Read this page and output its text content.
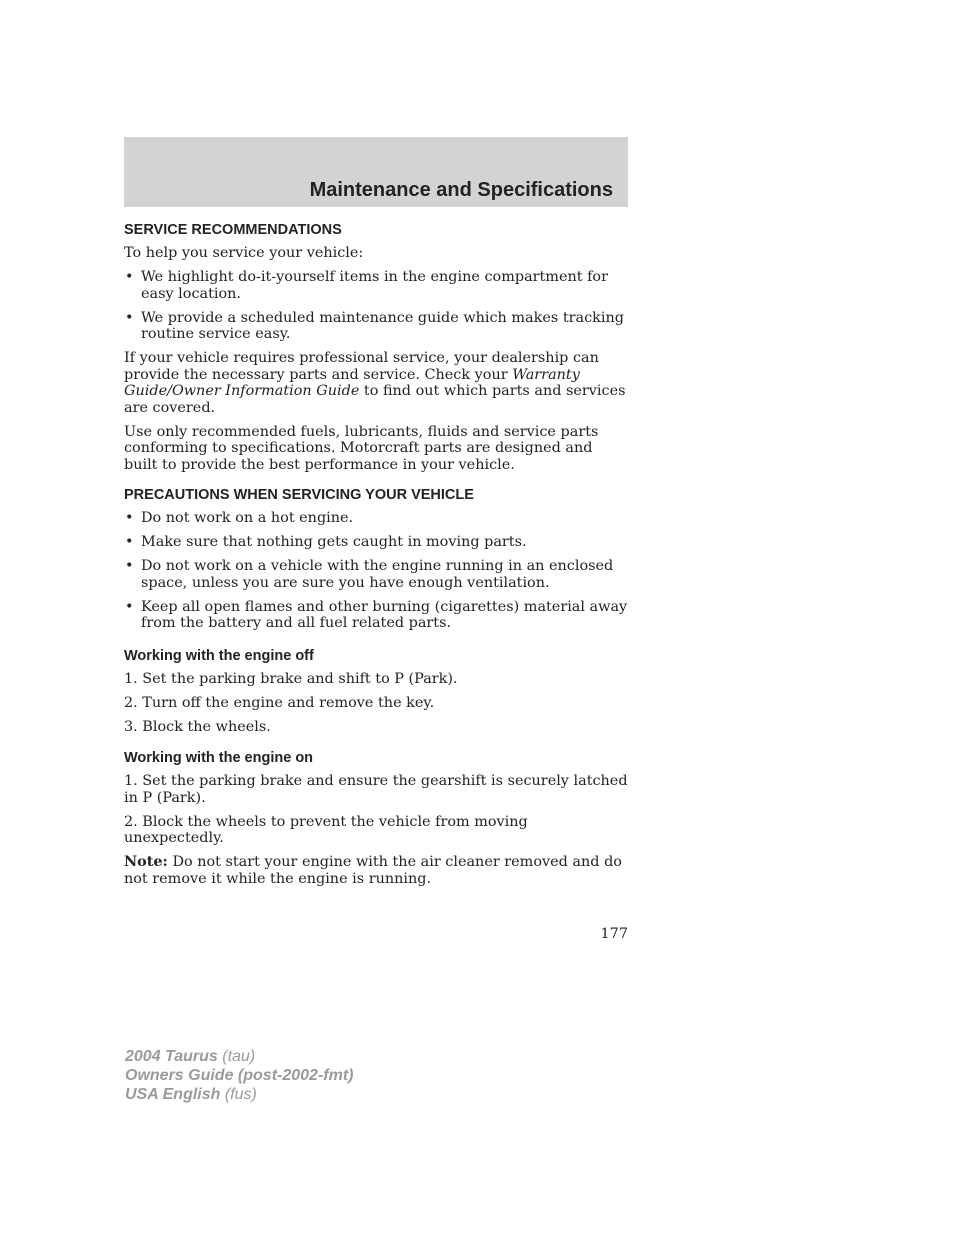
Maintenance and Specifications
SERVICE RECOMMENDATIONS

To help you service your vehicle:

• We highlight do-it-yourself items in the engine compartment for easy location.
• We provide a scheduled maintenance guide which makes tracking routine service easy.

If your vehicle requires professional service, your dealership can provide the necessary parts and service. Check your Warranty Guide/Owner Information Guide to find out which parts and services are covered.

Use only recommended fuels, lubricants, fluids and service parts conforming to specifications. Motorcraft parts are designed and built to provide the best performance in your vehicle.

PRECAUTIONS WHEN SERVICING YOUR VEHICLE
• Do not work on a hot engine.
• Make sure that nothing gets caught in moving parts.
• Do not work on a vehicle with the engine running in an enclosed space, unless you are sure you have enough ventilation.
• Keep all open flames and other burning (cigarettes) material away from the battery and all fuel related parts.
Working with the engine off
1. Set the parking brake and shift to P (Park).
2. Turn off the engine and remove the key.
3. Block the wheels.
Working with the engine on
1. Set the parking brake and ensure the gearshift is securely latched in P (Park).
2. Block the wheels to prevent the vehicle from moving unexpectedly.

Note: Do not start your engine with the air cleaner removed and do not remove it while the engine is running.

177
2004 Taurus (tau)
Owners Guide (post-2002-fmt)
USA English (fus)
